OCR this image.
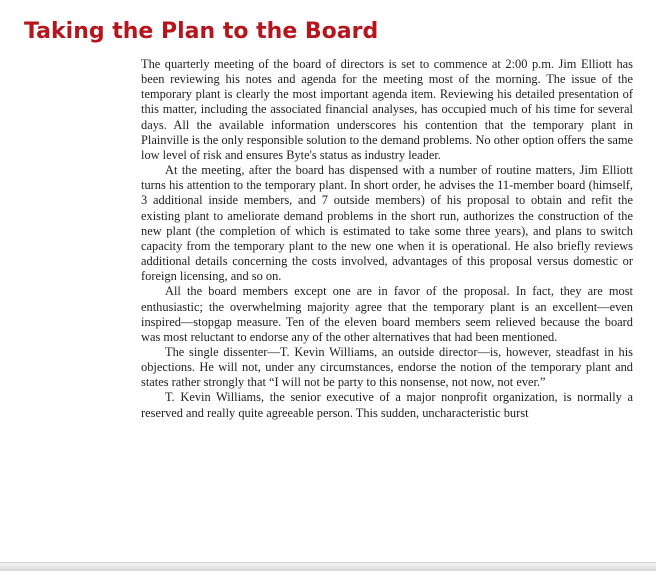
Taking the Plan to the Board

The quarterly meeting of the board of directors is set to commence at 2:00 p.m. Jim Elliott has been reviewing his notes and agenda for the meeting most of the morning. The issue of the temporary plant is clearly the most important agenda item. Reviewing his detailed presentation of this matter, including the associated financial analyses, has occupied much of his time for several days. All the available information underscores his contention that the temporary plant in Plainville is the only responsible solution to the demand problems. No other option offers the same low level of risk and ensures Byte's status as industry leader.

At the meeting, after the board has dispensed with a number of routine matters, Jim Elliott turns his attention to the temporary plant. In short order, he advises the 11-member board (himself, 3 additional inside members, and 7 outside members) of his proposal to obtain and refit the existing plant to ameliorate demand problems in the short run, authorizes the construction of the new plant (the completion of which is estimated to take some three years), and plans to switch capacity from the temporary plant to the new one when it is operational. He also briefly reviews additional details concerning the costs involved, advantages of this proposal versus domestic or foreign licensing, and so on.

All the board members except one are in favor of the proposal. In fact, they are most enthusiastic; the overwhelming majority agree that the temporary plant is an excellent—even inspired—stopgap measure. Ten of the eleven board members seem relieved because the board was most reluctant to endorse any of the other alternatives that had been mentioned.

The single dissenter—T. Kevin Williams, an outside director—is, however, steadfast in his objections. He will not, under any circumstances, endorse the notion of the temporary plant and states rather strongly that “I will not be party to this nonsense, not now, not ever.”

T. Kevin Williams, the senior executive of a major nonprofit organization, is normally a reserved and really quite agreeable person. This sudden, uncharacteristic burst
